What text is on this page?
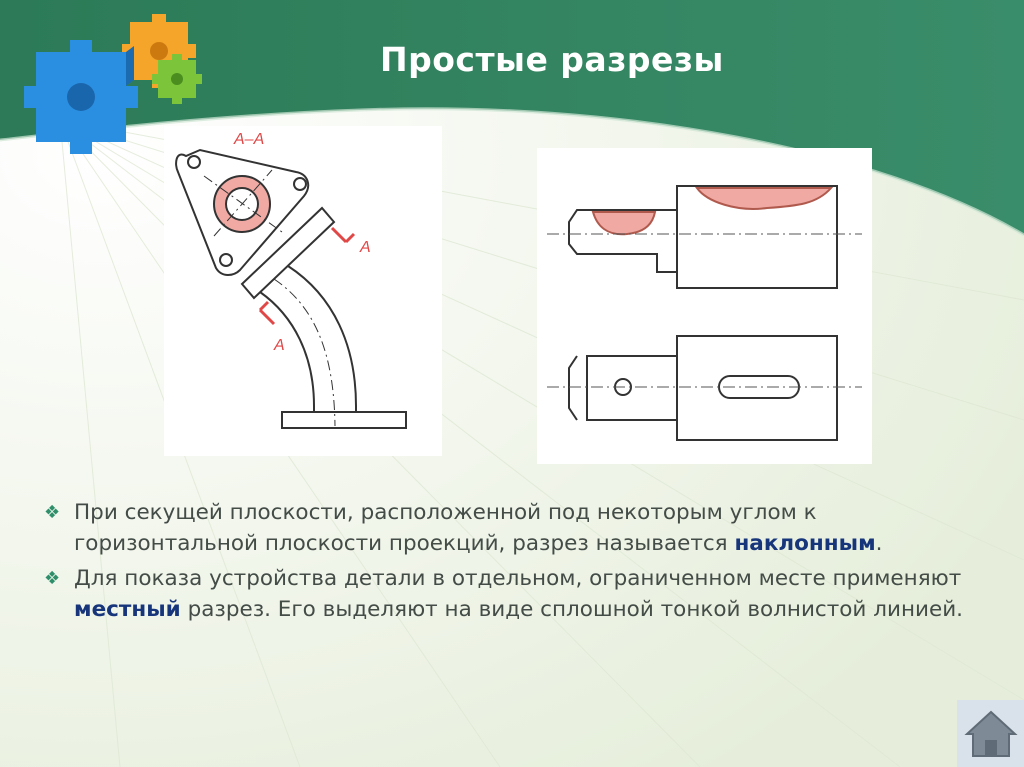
Простые разрезы
А–А
А
А
❖ При секущей плоскости, расположенной под некоторым углом к горизонтальной плоскости проекций, разрез называется наклонным.
❖ Для показа устройства детали в отдельном, ограниченном месте применяют местный разрез. Его выделяют на виде сплошной тонкой волнистой линией.
